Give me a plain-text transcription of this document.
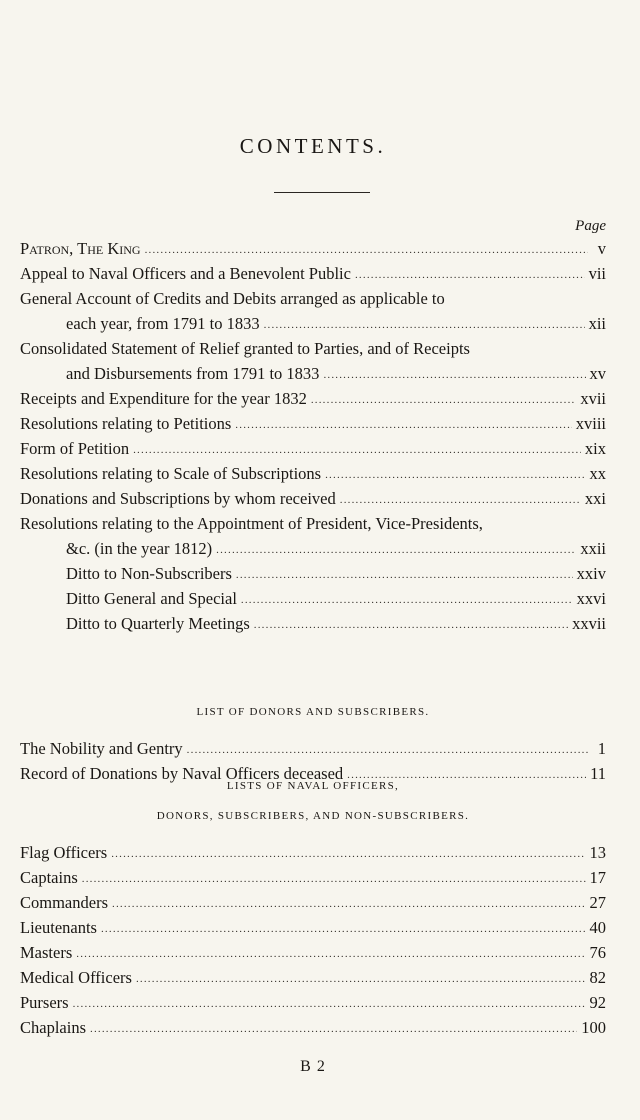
CONTENTS.
Page
Patron, The King .....	v
Appeal to Naval Officers and a Benevolent Public .....	vii
General Account of Credits and Debits arranged as applicable to
each year, from 1791 to 1833 .....	xii
Consolidated Statement of Relief granted to Parties, and of Receipts
and Disbursements from 1791 to 1833 .....	xv
Receipts and Expenditure for the year 1832 .....	xvii
Resolutions relating to Petitions .....	xviii
Form of Petition .....	xix
Resolutions relating to Scale of Subscriptions .....	xx
Donations and Subscriptions by whom received .....	xxi
Resolutions relating to the Appointment of President, Vice-Presidents,
&c. (in the year 1812) .....	xxii
Ditto to Non-Subscribers .....	xxiv
Ditto General and Special .....	xxvi
Ditto to Quarterly Meetings .....	xxvii
LIST OF DONORS AND SUBSCRIBERS.
The Nobility and Gentry .....	1
Record of Donations by Naval Officers deceased .....	11
LISTS OF NAVAL OFFICERS,
DONORS, SUBSCRIBERS, AND NON-SUBSCRIBERS.
Flag Officers .....	13
Captains .....	17
Commanders .....	27
Lieutenants .....	40
Masters .....	76
Medical Officers .....	82
Pursers .....	92
Chaplains .....	100
B 2
